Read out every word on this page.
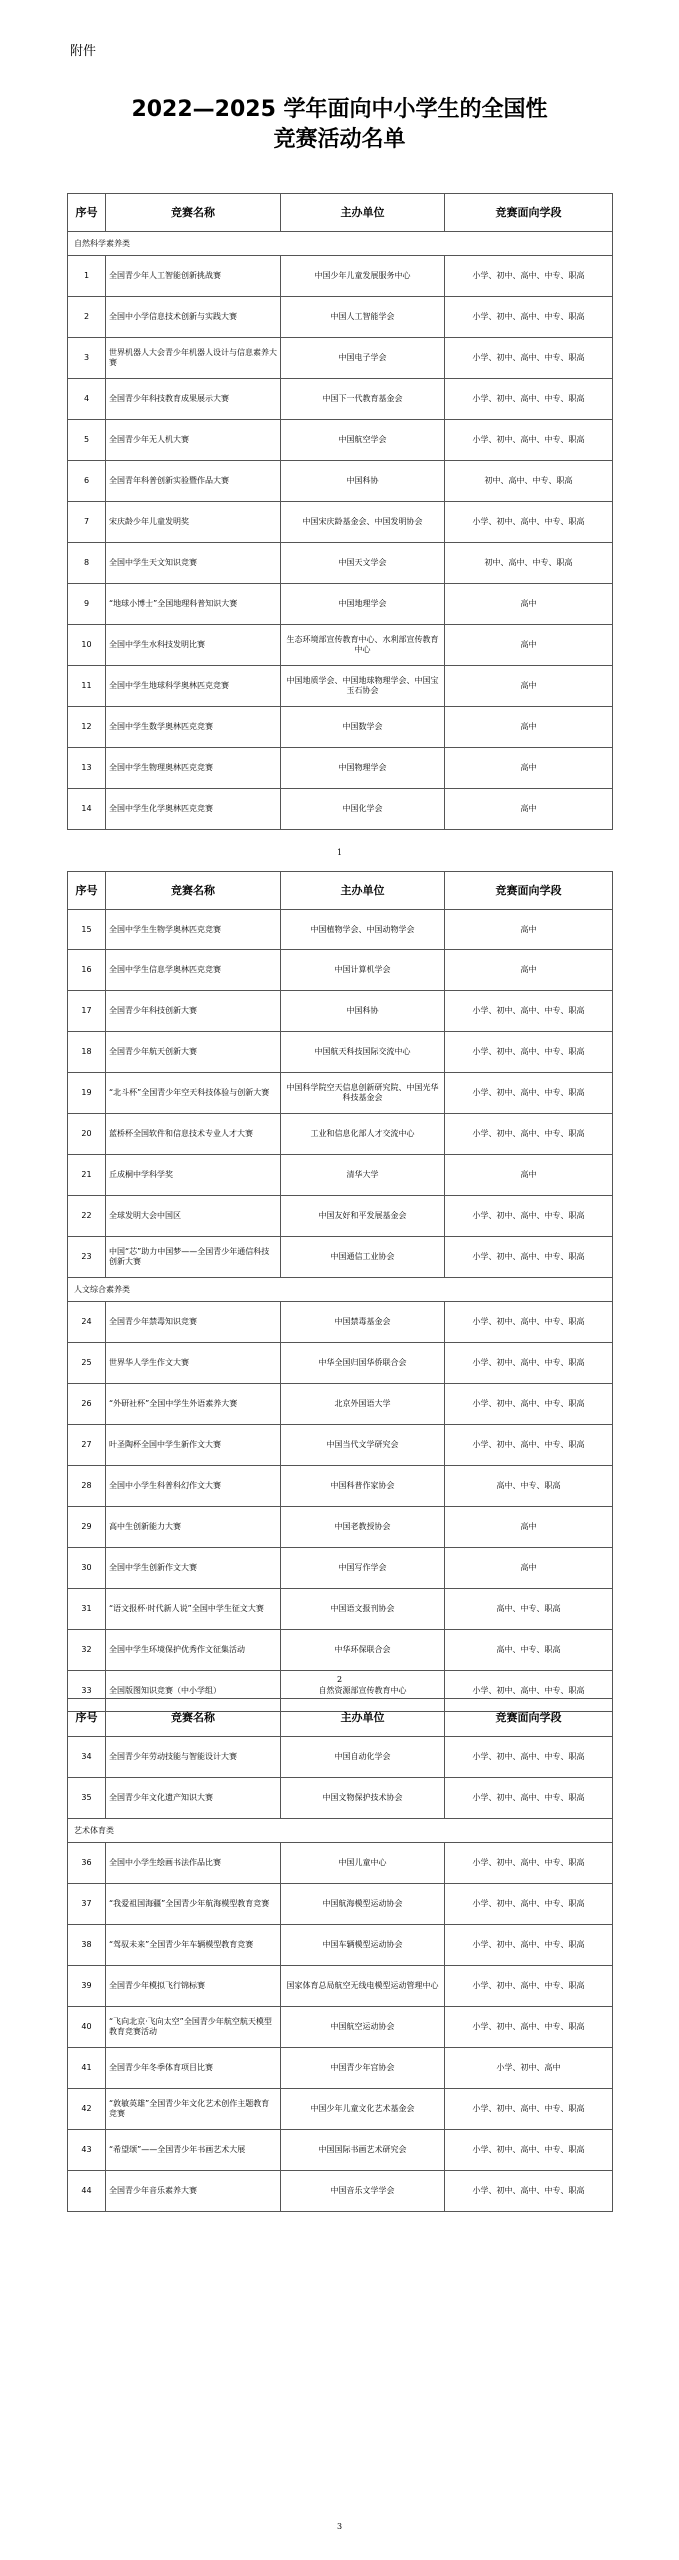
附件
2022—2025 学年面向中小学生的全国性
竞赛活动名单
序号	竞赛名称	主办单位	竞赛面向学段
自然科学素养类			
1	全国青少年人工智能创新挑战赛	中国少年儿童发展服务中心	小学、初中、高中、中专、职高
2	全国中小学信息技术创新与实践大赛	中国人工智能学会	小学、初中、高中、中专、职高
3	世界机器人大会青少年机器人设计与信息素养大赛	中国电子学会	小学、初中、高中、中专、职高
4	全国青少年科技教育成果展示大赛	中国下一代教育基金会	小学、初中、高中、中专、职高
5	全国青少年无人机大赛	中国航空学会	小学、初中、高中、中专、职高
6	全国青年科普创新实验暨作品大赛	中国科协	初中、高中、中专、职高
7	宋庆龄少年儿童发明奖	中国宋庆龄基金会、中国发明协会	小学、初中、高中、中专、职高
8	全国中学生天文知识竞赛	中国天文学会	初中、高中、中专、职高
9	“地球小博士”全国地理科普知识大赛	中国地理学会	高中
10	全国中学生水科技发明比赛	生态环境部宣传教育中心、水利部宣传教育中心	高中
11	全国中学生地球科学奥林匹克竞赛	中国地质学会、中国地球物理学会、中国宝玉石协会	高中
12	全国中学生数学奥林匹克竞赛	中国数学会	高中
13	全国中学生物理奥林匹克竞赛	中国物理学会	高中
14	全国中学生化学奥林匹克竞赛	中国化学会	高中
1
序号	竞赛名称	主办单位	竞赛面向学段
15	全国中学生生物学奥林匹克竞赛	中国植物学会、中国动物学会	高中
16	全国中学生信息学奥林匹克竞赛	中国计算机学会	高中
17	全国青少年科技创新大赛	中国科协	小学、初中、高中、中专、职高
18	全国青少年航天创新大赛	中国航天科技国际交流中心	小学、初中、高中、中专、职高
19	“北斗杯”全国青少年空天科技体验与创新大赛	中国科学院空天信息创新研究院、中国光华科技基金会	小学、初中、高中、中专、职高
20	蓝桥杯全国软件和信息技术专业人才大赛	工业和信息化部人才交流中心	小学、初中、高中、中专、职高
21	丘成桐中学科学奖	清华大学	高中
22	全球发明大会中国区	中国友好和平发展基金会	小学、初中、高中、中专、职高
23	中国“芯”助力中国梦——全国青少年通信科技创新大赛	中国通信工业协会	小学、初中、高中、中专、职高
人文综合素养类			
24	全国青少年禁毒知识竞赛	中国禁毒基金会	小学、初中、高中、中专、职高
25	世界华人学生作文大赛	中华全国归国华侨联合会	小学、初中、高中、中专、职高
26	“外研社杯”全国中学生外语素养大赛	北京外国语大学	小学、初中、高中、中专、职高
27	叶圣陶杯全国中学生新作文大赛	中国当代文学研究会	小学、初中、高中、中专、职高
28	全国中小学生科普科幻作文大赛	中国科普作家协会	高中、中专、职高
29	高中生创新能力大赛	中国老教授协会	高中
30	全国中学生创新作文大赛	中国写作学会	高中
31	“语文报杯·时代新人说”全国中学生征文大赛	中国语文报刊协会	高中、中专、职高
32	全国中学生环境保护优秀作文征集活动	中华环保联合会	高中、中专、职高
33	全国版图知识竞赛（中小学组）	自然资源部宣传教育中心	小学、初中、高中、中专、职高
2
序号	竞赛名称	主办单位	竞赛面向学段
34	全国青少年劳动技能与智能设计大赛	中国自动化学会	小学、初中、高中、中专、职高
35	全国青少年文化遗产知识大赛	中国文物保护技术协会	小学、初中、高中、中专、职高
艺术体育类			
36	全国中小学生绘画书法作品比赛	中国儿童中心	小学、初中、高中、中专、职高
37	“我爱祖国海疆”全国青少年航海模型教育竞赛	中国航海模型运动协会	小学、初中、高中、中专、职高
38	“驾驭未来”全国青少年车辆模型教育竞赛	中国车辆模型运动协会	小学、初中、高中、中专、职高
39	全国青少年模拟飞行锦标赛	国家体育总局航空无线电模型运动管理中心	小学、初中、高中、中专、职高
40	“飞向北京·飞向太空”全国青少年航空航天模型教育竞赛活动	中国航空运动协会	小学、初中、高中、中专、职高
41	全国青少年冬季体育项目比赛	中国青少年宫协会	小学、初中、高中
42	“敦敏英雄”全国青少年文化艺术创作主题教育竞赛	中国少年儿童文化艺术基金会	小学、初中、高中、中专、职高
43	“希望颂”——全国青少年书画艺术大展	中国国际书画艺术研究会	小学、初中、高中、中专、职高
44	全国青少年音乐素养大赛	中国音乐文学学会	小学、初中、高中、中专、职高
3
